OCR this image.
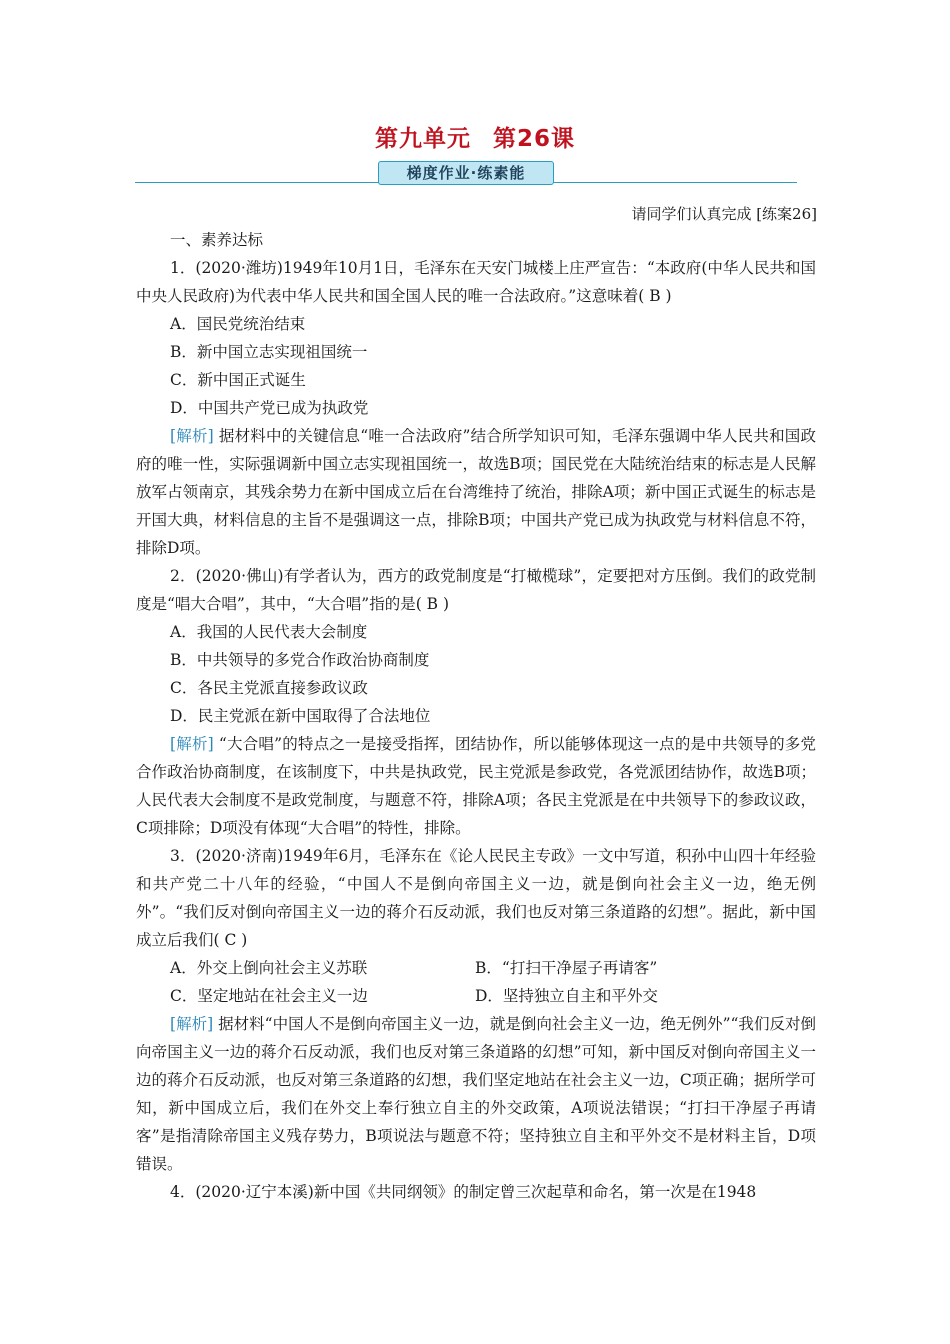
第九单元 第26课
梯度作业·练素能
请同学们认真完成 [练案26]

一、素养达标

1．(2020·潍坊)1949年10月1日，毛泽东在天安门城楼上庄严宣告：“本政府(中华人民共和国中央人民政府)为代表中华人民共和国全国人民的唯一合法政府。”这意味着( B )

A．国民党统治结束

B．新中国立志实现祖国统一

C．新中国正式诞生

D．中国共产党已成为执政党

[解析] 据材料中的关键信息“唯一合法政府”结合所学知识可知，毛泽东强调中华人民共和国政府的唯一性，实际强调新中国立志实现祖国统一，故选B项；国民党在大陆统治结束的标志是人民解放军占领南京，其残余势力在新中国成立后在台湾维持了统治，排除A项；新中国正式诞生的标志是开国大典，材料信息的主旨不是强调这一点，排除B项；中国共产党已成为执政党与材料信息不符，排除D项。

2．(2020·佛山)有学者认为，西方的政党制度是“打橄榄球”，定要把对方压倒。我们的政党制度是“唱大合唱”，其中，“大合唱”指的是( B )

A．我国的人民代表大会制度

B．中共领导的多党合作政治协商制度

C．各民主党派直接参政议政

D．民主党派在新中国取得了合法地位

[解析] “大合唱”的特点之一是接受指挥，团结协作，所以能够体现这一点的是中共领导的多党合作政治协商制度，在该制度下，中共是执政党，民主党派是参政党，各党派团结协作，故选B项；人民代表大会制度不是政党制度，与题意不符，排除A项；各民主党派是在中共领导下的参政议政，C项排除；D项没有体现“大合唱”的特性，排除。

3．(2020·济南)1949年6月，毛泽东在《论人民民主专政》一文中写道，积孙中山四十年经验和共产党二十八年的经验，“中国人不是倒向帝国主义一边，就是倒向社会主义一边，绝无例外”。“我们反对倒向帝国主义一边的蒋介石反动派，我们也反对第三条道路的幻想”。据此，新中国成立后我们( C )

A．外交上倒向社会主义苏联	B．“打扫干净屋子再请客”
C．坚定地站在社会主义一边	D．坚持独立自主和平外交

[解析] 据材料“中国人不是倒向帝国主义一边，就是倒向社会主义一边，绝无例外”“我们反对倒向帝国主义一边的蒋介石反动派，我们也反对第三条道路的幻想”可知，新中国反对倒向帝国主义一边的蒋介石反动派，也反对第三条道路的幻想，我们坚定地站在社会主义一边，C项正确；据所学可知，新中国成立后，我们在外交上奉行独立自主的外交政策，A项说法错误；“打扫干净屋子再请客”是指清除帝国主义残存势力，B项说法与题意不符；坚持独立自主和平外交不是材料主旨，D项错误。

4．(2020·辽宁本溪)新中国《共同纲领》的制定曾三次起草和命名，第一次是在1948
